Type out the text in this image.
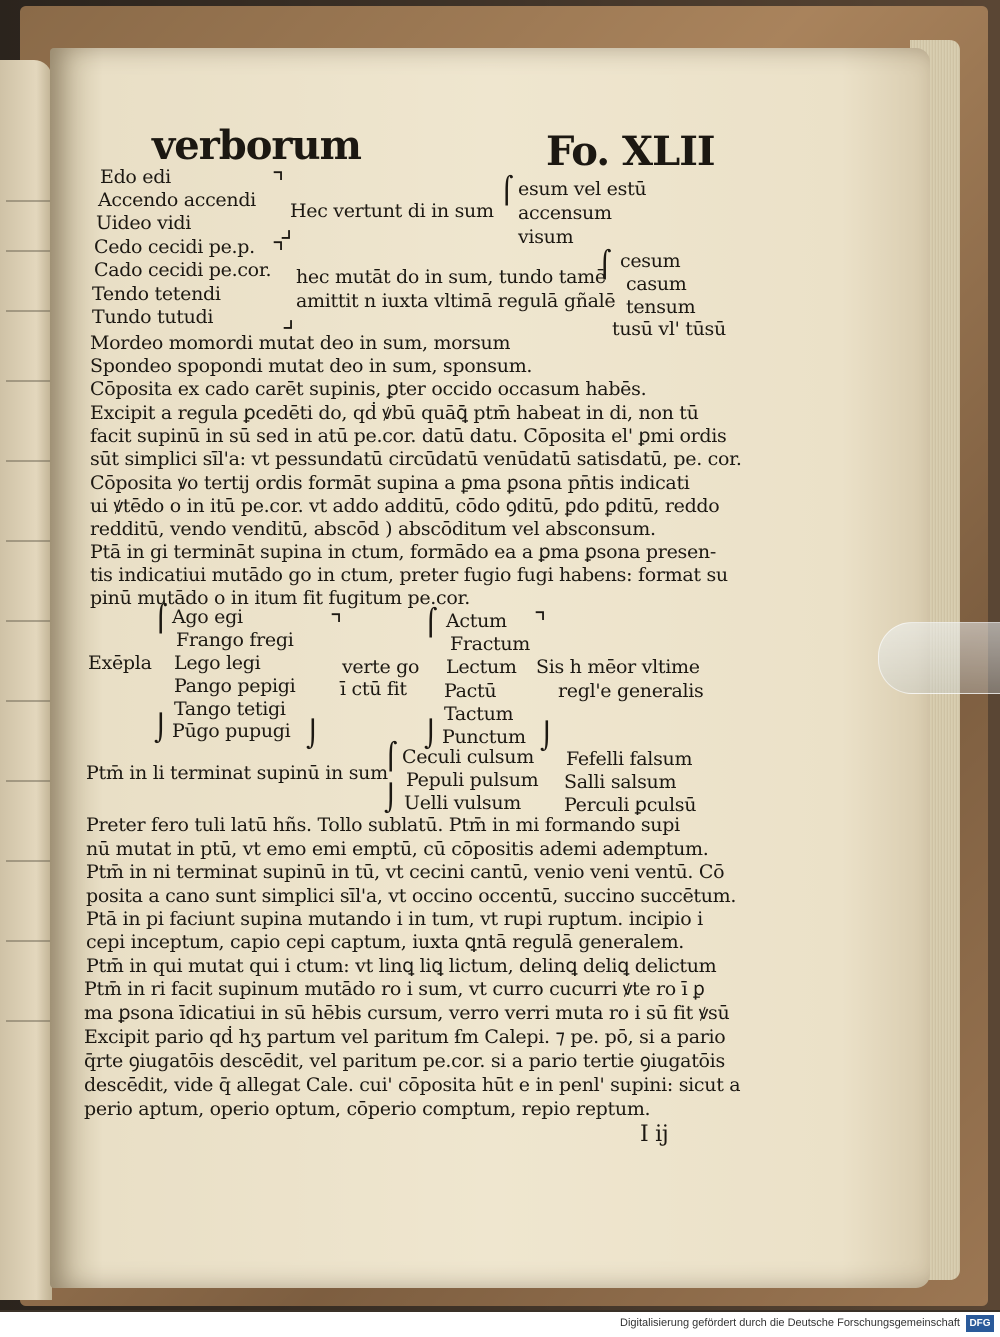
verborum	Fo. XLII
Edo edi
Accendo accendi
Uideo vidi
⌝
Hec vertunt di in sum
⌟
⌠ esum vel estū
accensum
visum
Cedo cecidi pe.p.
Cado cecidi pe.cor.
Tendo tetendi
Tundo tutudi
⌝
hec mutāt do in sum, tundo tamē
amittit n iuxta vltimā regulā gñalē
⌟
⌠ cesum
casum
tensum
tusū vl' tūsū
Mordeo momordi mutat deo in sum, morsum
Spondeo spopondi mutat deo in sum, sponsum.
Cōposita ex cado carēt supinis, ꝑter occido occasum habēs.
Excipit a regula ꝑcedēti do, qḋ ꝟbū quāꝗ̄ ptm̄ habeat in di, non tū
facit supinū in sū sed in atū pe.cor. datū datu. Cōposita el' ꝑmi ordis
sūt simplici sīl'a: vt pessundatū circūdatū venūdatū satisdatū, pe. cor.
Cōposita ꝟo tertij ordis formāt supina a ꝑma ꝑsona pn̄tis indicati
ui ꝟtēdo o in itū pe.cor. vt addo additū, cōdo ꝯditū, ꝑdo ꝑditū, reddo
redditū, vendo venditū, abscōd ) abscōditum vel absconsum.
Ptā in gi termināt supina in ctum, formādo ea a ꝑma ꝑsona presen-
tis indicatiui mutādo go in ctum, preter fugio fugi habens: format su
pinū mutādo o in itum fit fugitum pe.cor.
⌠ Ago egi
Frango fregi
Exēpla Lego legi
Pango pepigi
Tango tetigi
⌡ Pūgo pupugi
⌝
verte go
ī ctū fit
⌡
⌠ Actum ⌝
Fractum
Lectum
Pactū
Tactum
⌡ Punctum ⌡
Sis h mēor vltime
regl'e generalis
⌠ Ceculi culsum Fefelli falsum
Ptm̄ in li terminat supinū in sum Pepuli pulsum Salli salsum
⌡ Uelli vulsum Perculi ꝑculsū
Preter fero tuli latū hñs. Tollo sublatū. Ptm̄ in mi formando supi
nū mutat in ptū, vt emo emi emptū, cū cōpositis ademi ademptum.
Ptm̄ in ni terminat supinū in tū, vt cecini cantū, venio veni ventū. Cō
posita a cano sunt simplici sīl'a, vt occino occentū, succino succētum.
Ptā in pi faciunt supina mutando i in tum, vt rupi ruptum. incipio i
cepi inceptum, capio cepi captum, iuxta ꝗntā regulā generalem.
Ptm̄ in qui mutat qui i ctum: vt linꝗ liꝗ lictum, delinꝗ deliꝗ delictum
Ptm̄ in ri facit supinum mutādo ro i sum, vt curro cucurri ꝟte ro ī ꝑ
ma ꝑsona īdicatiui in sū hēbis cursum, verro verri muta ro i sū fit ꝟsū
Excipit pario qḋ hʒ partum vel paritum ẜm Calepi. ⁊ pe. pō, si a pario
q̄rte ꝯiugatōis descēdit, vel paritum pe.cor. si a pario tertie ꝯiugatōis
descēdit, vide q̄ allegat Cale. cui' cōposita hūt e in penl' supini: sicut a
perio aptum, operio optum, cōperio comptum, repio reptum.
I ij
Digitalisierung gefördert durch die Deutsche Forschungsgemeinschaft DFG
